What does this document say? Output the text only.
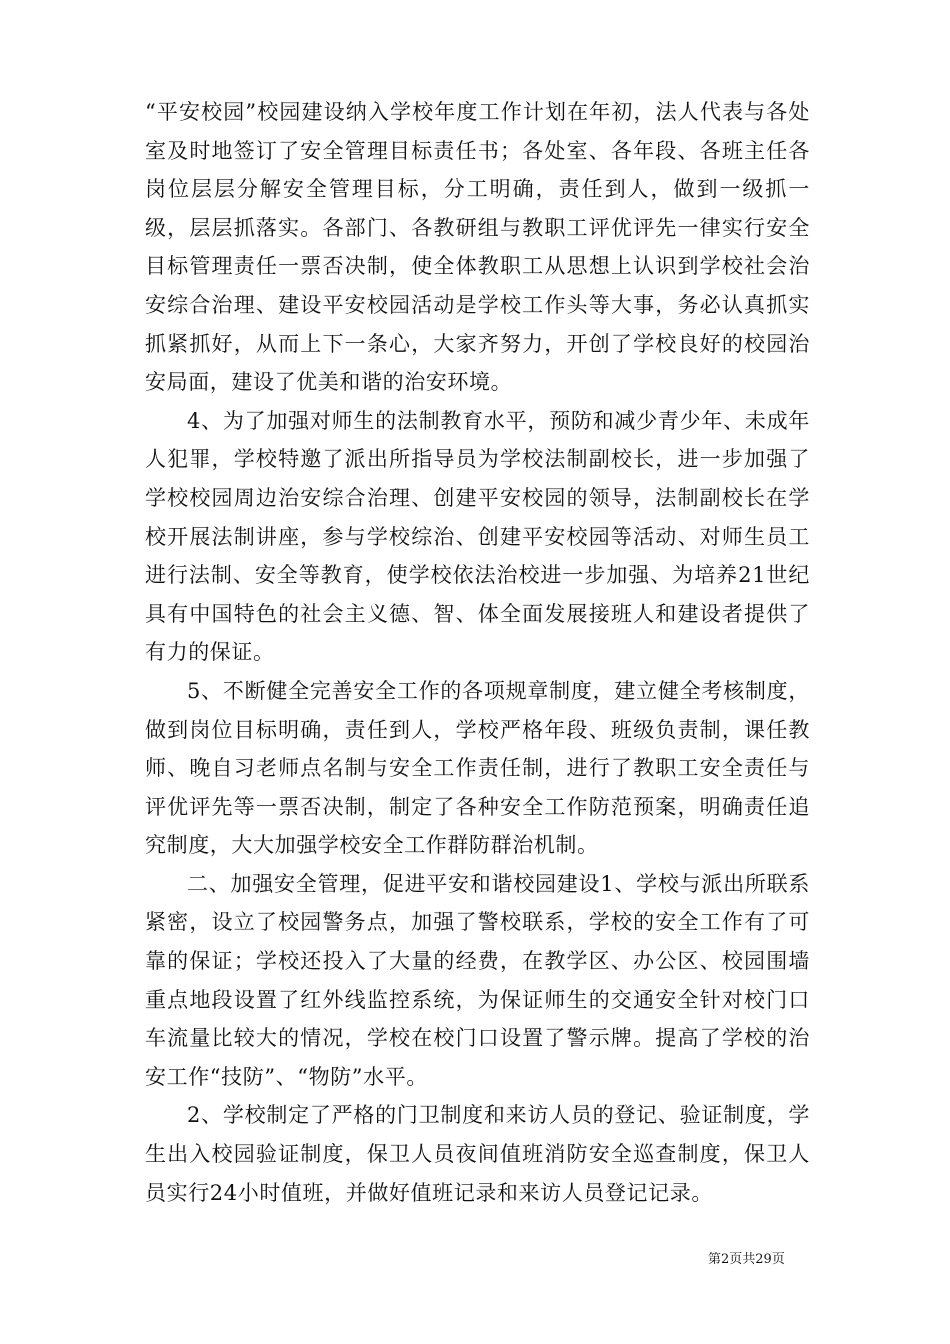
“平安校园”校园建设纳入学校年度工作计划在年初，法人代表与各处室及时地签订了安全管理目标责任书；各处室、各年段、各班主任各岗位层层分解安全管理目标，分工明确，责任到人，做到一级抓一级，层层抓落实。各部门、各教研组与教职工评优评先一律实行安全目标管理责任一票否决制，使全体教职工从思想上认识到学校社会治安综合治理、建设平安校园活动是学校工作头等大事，务必认真抓实抓紧抓好，从而上下一条心，大家齐努力，开创了学校良好的校园治安局面，建设了优美和谐的治安环境。

4、为了加强对师生的法制教育水平，预防和减少青少年、未成年人犯罪，学校特邀了派出所指导员为学校法制副校长，进一步加强了学校校园周边治安综合治理、创建平安校园的领导，法制副校长在学校开展法制讲座，参与学校综治、创建平安校园等活动、对师生员工进行法制、安全等教育，使学校依法治校进一步加强、为培养21世纪具有中国特色的社会主义德、智、体全面发展接班人和建设者提供了有力的保证。

5、不断健全完善安全工作的各项规章制度，建立健全考核制度，做到岗位目标明确，责任到人，学校严格年段、班级负责制，课任教师、晚自习老师点名制与安全工作责任制，进行了教职工安全责任与评优评先等一票否决制，制定了各种安全工作防范预案，明确责任追究制度，大大加强学校安全工作群防群治机制。

二、加强安全管理，促进平安和谐校园建设1、学校与派出所联系紧密，设立了校园警务点，加强了警校联系，学校的安全工作有了可靠的保证；学校还投入了大量的经费，在教学区、办公区、校园围墙重点地段设置了红外线监控系统，为保证师生的交通安全针对校门口车流量比较大的情况，学校在校门口设置了警示牌。提高了学校的治安工作“技防”、“物防”水平。

2、学校制定了严格的门卫制度和来访人员的登记、验证制度，学生出入校园验证制度，保卫人员夜间值班消防安全巡查制度，保卫人员实行24小时值班，并做好值班记录和来访人员登记记录。

第2页共29页
